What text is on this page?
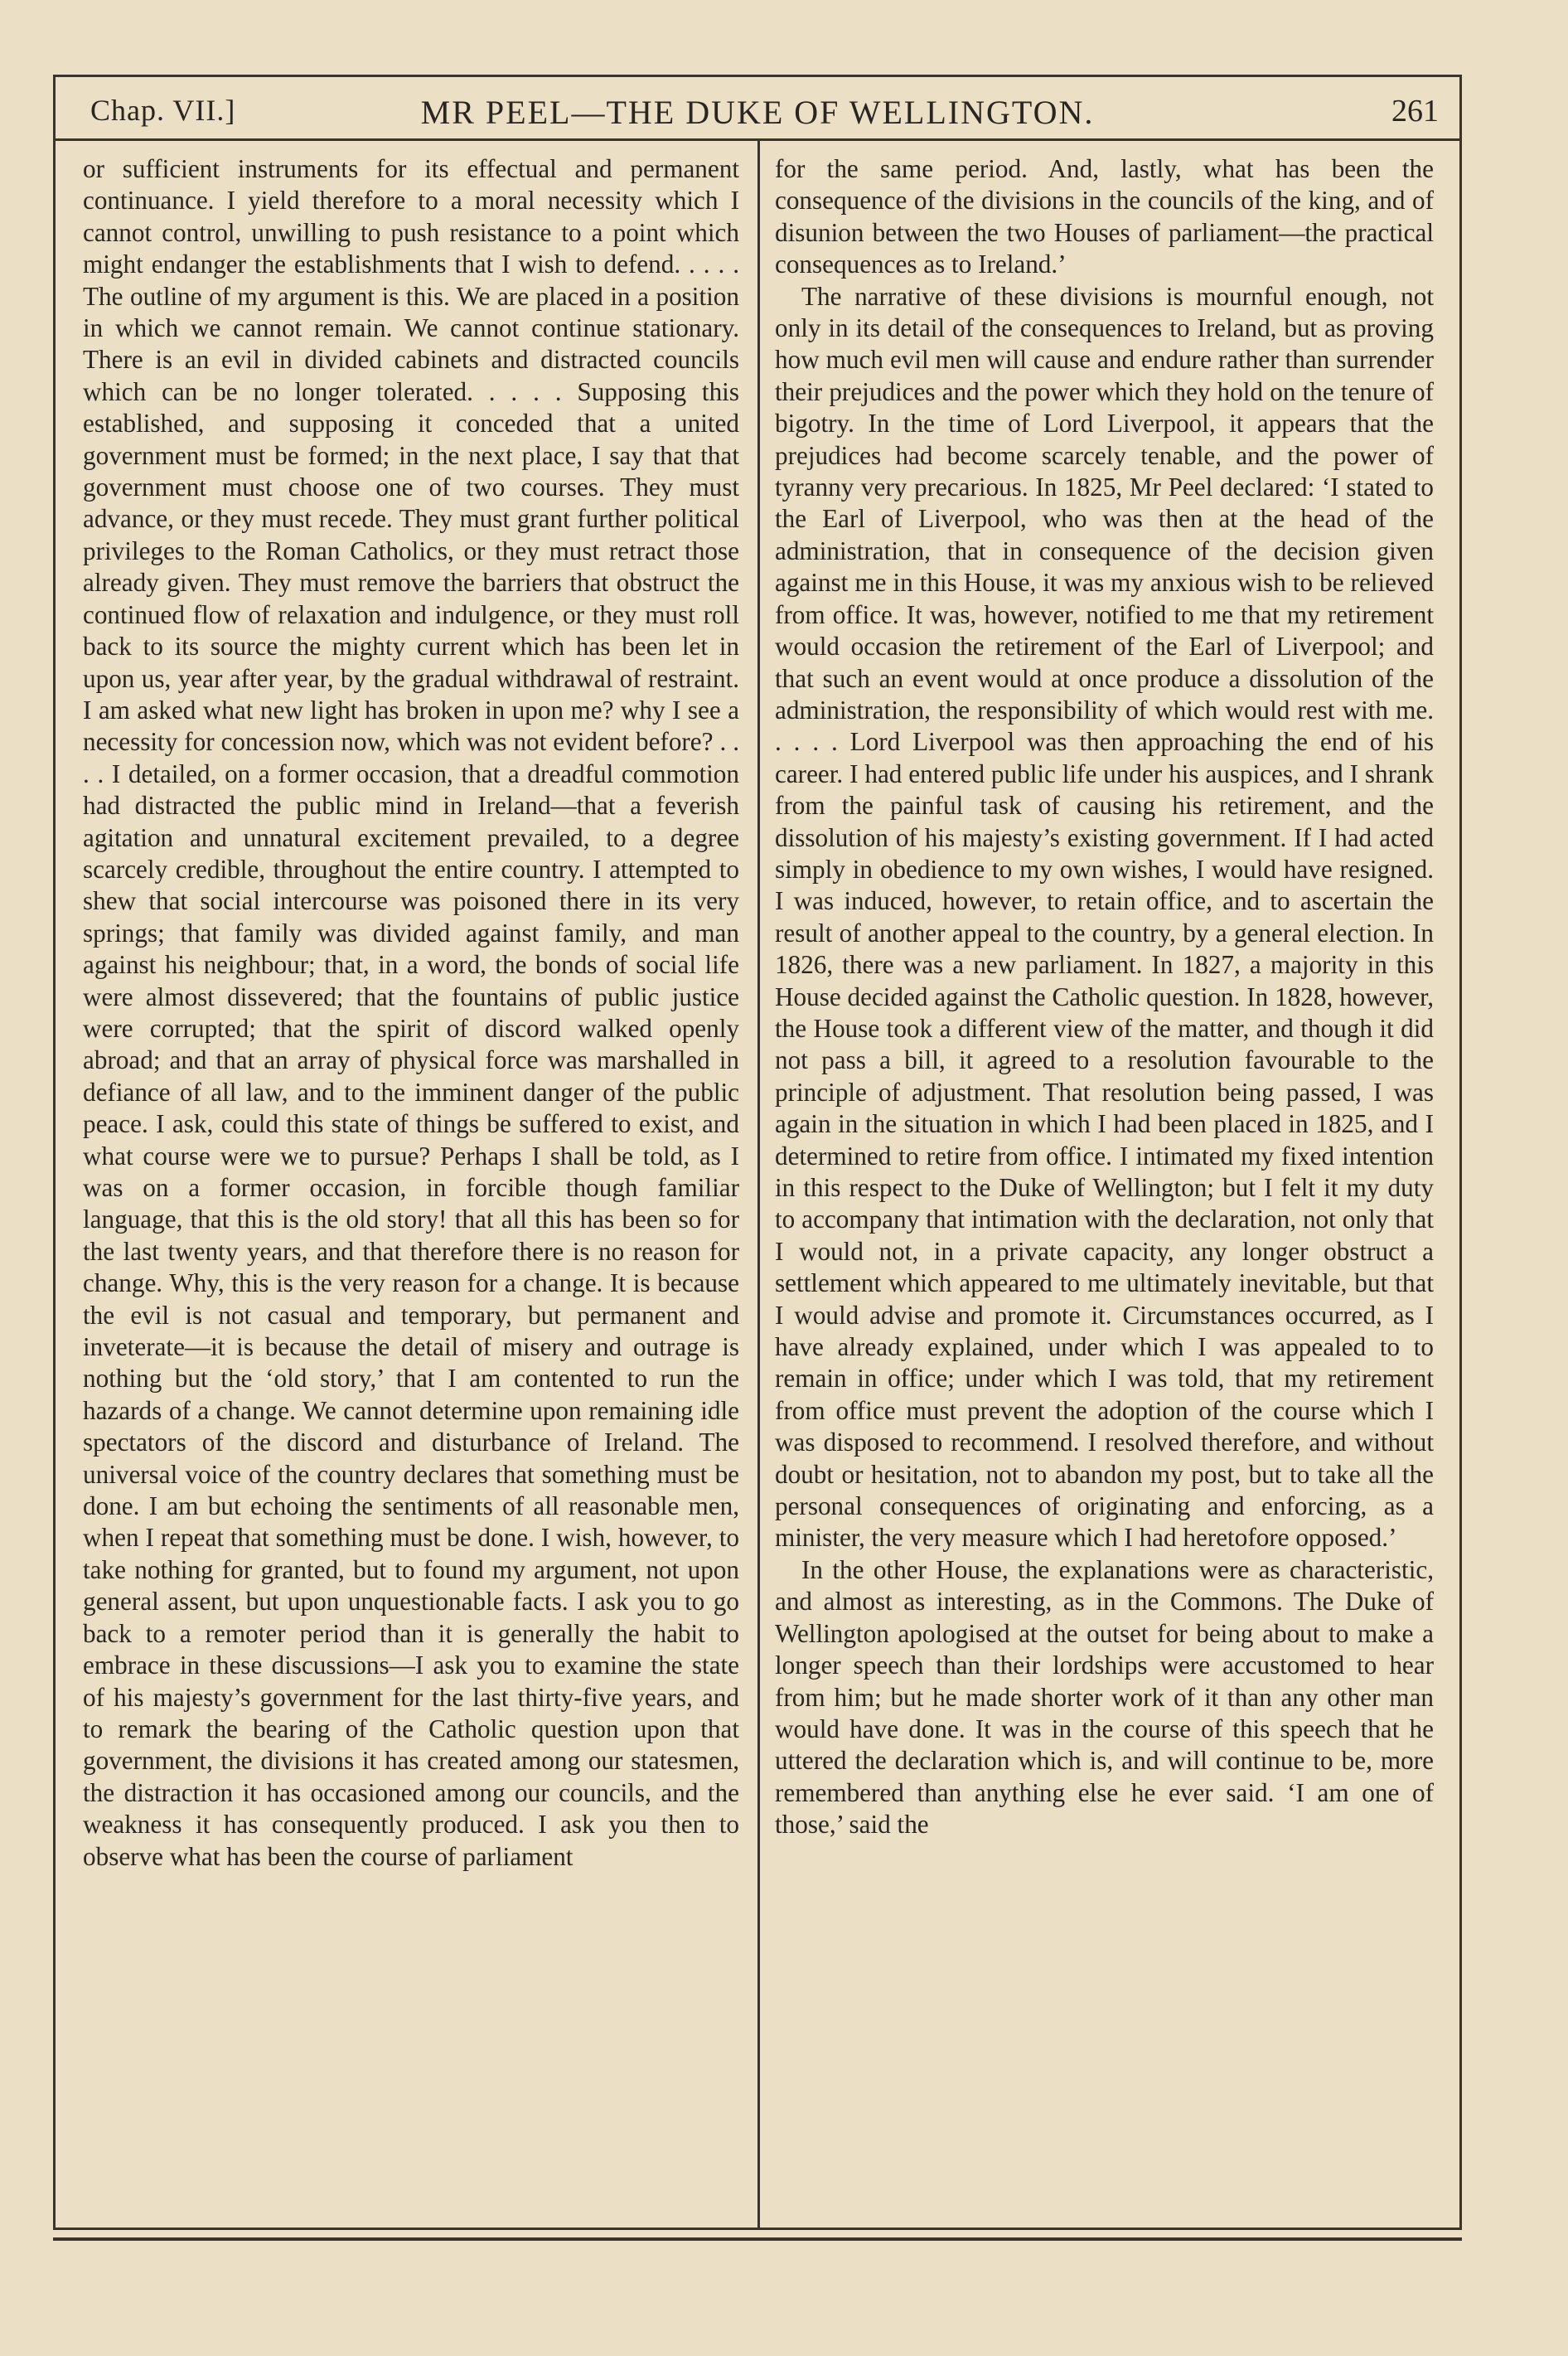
Chap. VII.]	MR PEEL—THE DUKE OF WELLINGTON.	261

or sufficient instruments for its effectual and permanent continuance. I yield therefore to a moral necessity which I cannot control, unwilling to push resistance to a point which might endanger the establishments that I wish to defend. . . . . The outline of my argument is this. We are placed in a position in which we cannot remain. We cannot continue stationary. There is an evil in divided cabinets and distracted councils which can be no longer tolerated. . . . . Supposing this established, and supposing it conceded that a united government must be formed; in the next place, I say that that government must choose one of two courses. They must advance, or they must recede. They must grant further political privileges to the Roman Catholics, or they must retract those already given. They must remove the barriers that obstruct the continued flow of relaxation and indulgence, or they must roll back to its source the mighty current which has been let in upon us, year after year, by the gradual withdrawal of restraint. I am asked what new light has broken in upon me? why I see a necessity for concession now, which was not evident before? . . . . I detailed, on a former occasion, that a dreadful commotion had distracted the public mind in Ireland—that a feverish agitation and unnatural excitement prevailed, to a degree scarcely credible, throughout the entire country. I attempted to shew that social intercourse was poisoned there in its very springs; that family was divided against family, and man against his neighbour; that, in a word, the bonds of social life were almost dissevered; that the fountains of public justice were corrupted; that the spirit of discord walked openly abroad; and that an array of physical force was marshalled in defiance of all law, and to the imminent danger of the public peace. I ask, could this state of things be suffered to exist, and what course were we to pursue? Perhaps I shall be told, as I was on a former occasion, in forcible though familiar language, that this is the old story! that all this has been so for the last twenty years, and that therefore there is no reason for change. Why, this is the very reason for a change. It is because the evil is not casual and temporary, but permanent and inveterate—it is because the detail of misery and outrage is nothing but the ‘old story,’ that I am contented to run the hazards of a change. We cannot determine upon remaining idle spectators of the discord and disturbance of Ireland. The universal voice of the country declares that something must be done. I am but echoing the sentiments of all reasonable men, when I repeat that something must be done. I wish, however, to take nothing for granted, but to found my argument, not upon general assent, but upon unquestionable facts. I ask you to go back to a remoter period than it is generally the habit to embrace in these discussions—I ask you to examine the state of his majesty’s government for the last thirty-five years, and to remark the bearing of the Catholic question upon that government, the divisions it has created among our statesmen, the distraction it has occasioned among our councils, and the weakness it has consequently produced. I ask you then to observe what has been the course of parliament

for the same period. And, lastly, what has been the consequence of the divisions in the councils of the king, and of disunion between the two Houses of parliament—the practical consequences as to Ireland.’

The narrative of these divisions is mournful enough, not only in its detail of the consequences to Ireland, but as proving how much evil men will cause and endure rather than surrender their prejudices and the power which they hold on the tenure of bigotry. In the time of Lord Liverpool, it appears that the prejudices had become scarcely tenable, and the power of tyranny very precarious. In 1825, Mr Peel declared: ‘I stated to the Earl of Liverpool, who was then at the head of the administration, that in consequence of the decision given against me in this House, it was my anxious wish to be relieved from office. It was, however, notified to me that my retirement would occasion the retirement of the Earl of Liverpool; and that such an event would at once produce a dissolution of the administration, the responsibility of which would rest with me. . . . . Lord Liverpool was then approaching the end of his career. I had entered public life under his auspices, and I shrank from the painful task of causing his retirement, and the dissolution of his majesty’s existing government. If I had acted simply in obedience to my own wishes, I would have resigned. I was induced, however, to retain office, and to ascertain the result of another appeal to the country, by a general election. In 1826, there was a new parliament. In 1827, a majority in this House decided against the Catholic question. In 1828, however, the House took a different view of the matter, and though it did not pass a bill, it agreed to a resolution favourable to the principle of adjustment. That resolution being passed, I was again in the situation in which I had been placed in 1825, and I determined to retire from office. I intimated my fixed intention in this respect to the Duke of Wellington; but I felt it my duty to accompany that intimation with the declaration, not only that I would not, in a private capacity, any longer obstruct a settlement which appeared to me ultimately inevitable, but that I would advise and promote it. Circumstances occurred, as I have already explained, under which I was appealed to to remain in office; under which I was told, that my retirement from office must prevent the adoption of the course which I was disposed to recommend. I resolved therefore, and without doubt or hesitation, not to abandon my post, but to take all the personal consequences of originating and enforcing, as a minister, the very measure which I had heretofore opposed.’

In the other House, the explanations were as characteristic, and almost as interesting, as in the Commons. The Duke of Wellington apologised at the outset for being about to make a longer speech than their lordships were accustomed to hear from him; but he made shorter work of it than any other man would have done. It was in the course of this speech that he uttered the declaration which is, and will continue to be, more remembered than anything else he ever said. ‘I am one of those,’ said the
